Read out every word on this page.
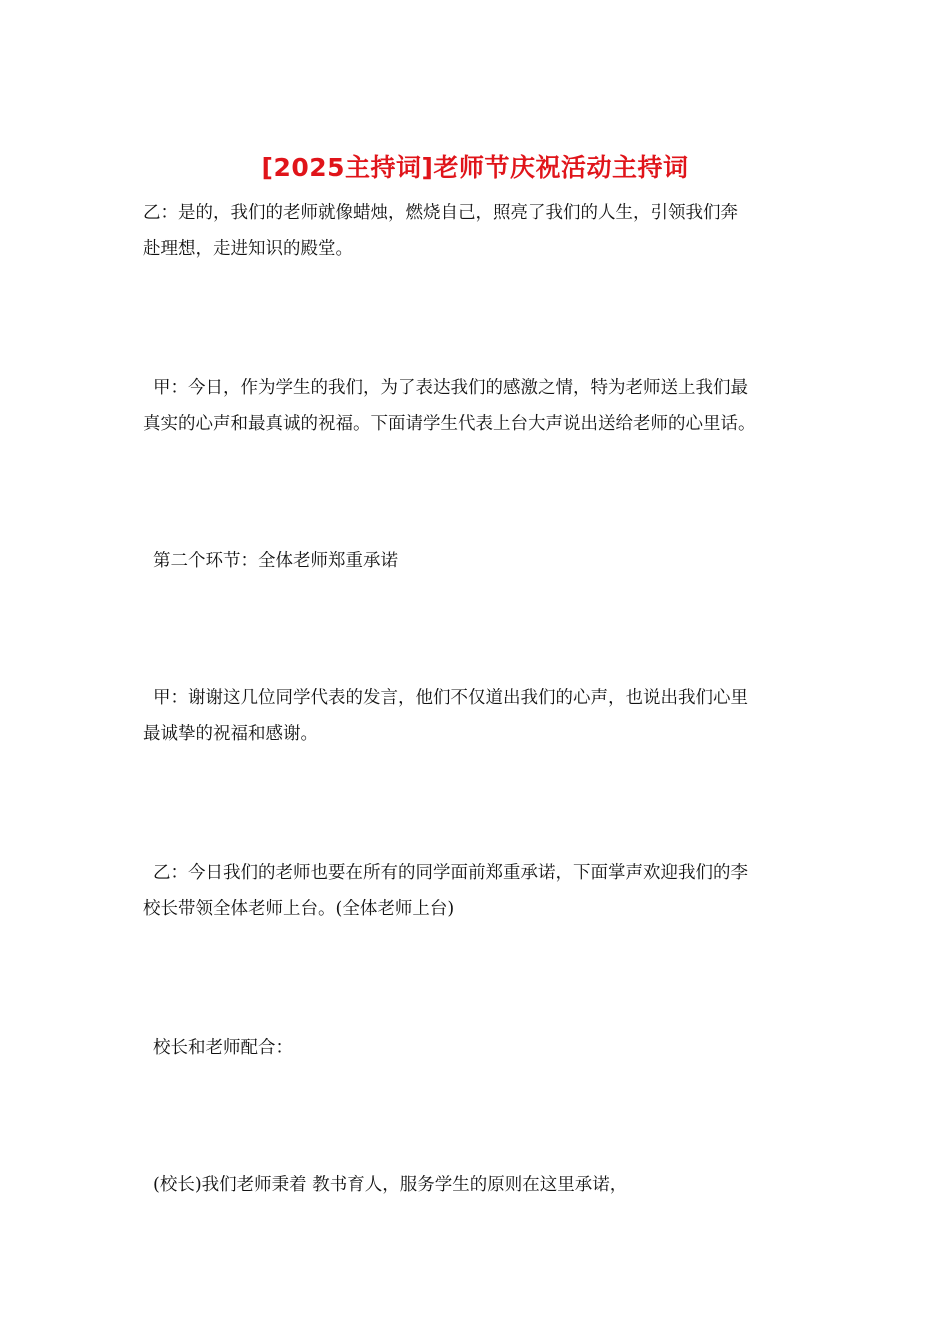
[2025主持词]老师节庆祝活动主持词

乙：是的，我们的老师就像蜡烛，燃烧自己，照亮了我们的人生，引领我们奔
赴理想，走进知识的殿堂。

甲：今日，作为学生的我们，为了表达我们的感激之情，特为老师送上我们最
真实的心声和最真诚的祝福。下面请学生代表上台大声说出送给老师的心里话。

第二个环节：全体老师郑重承诺

甲：谢谢这几位同学代表的发言，他们不仅道出我们的心声，也说出我们心里
最诚挚的祝福和感谢。

乙：今日我们的老师也要在所有的同学面前郑重承诺，下面掌声欢迎我们的李
校长带领全体老师上台。(全体老师上台)

校长和老师配合：

(校长)我们老师秉着 教书育人，服务学生的原则在这里承诺，
